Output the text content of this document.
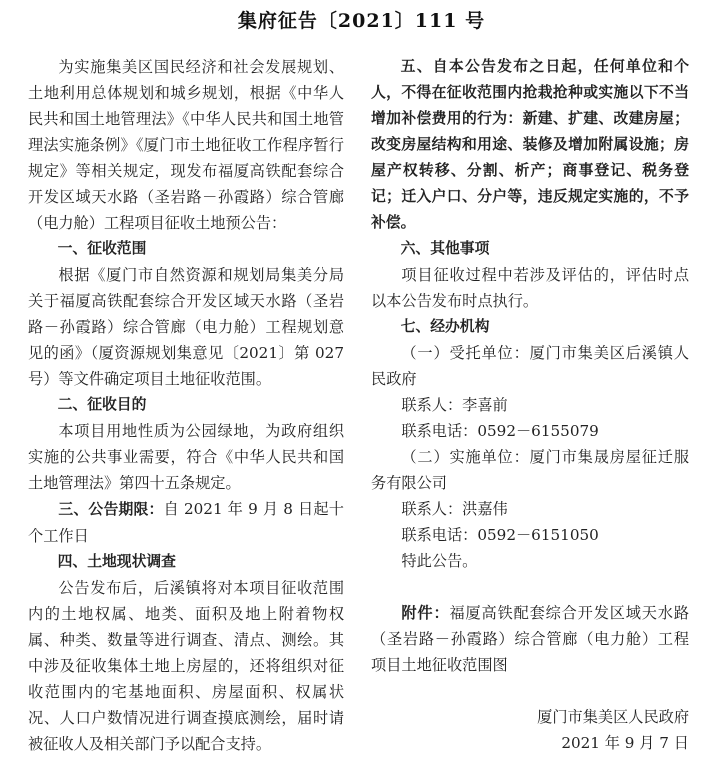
集府征告〔2021〕111 号

为实施集美区国民经济和社会发展规划、土地利用总体规划和城乡规划，根据《中华人民共和国土地管理法》《中华人民共和国土地管理法实施条例》《厦门市土地征收工作程序暂行规定》等相关规定，现发布福厦高铁配套综合开发区域天水路（圣岩路－孙霞路）综合管廊（电力舱）工程项目征收土地预公告：

一、征收范围

根据《厦门市自然资源和规划局集美分局关于福厦高铁配套综合开发区域天水路（圣岩路－孙霞路）综合管廊（电力舱）工程规划意见的函》（厦资源规划集意见〔2021〕第 027 号）等文件确定项目土地征收范围。

二、征收目的

本项目用地性质为公园绿地，为政府组织实施的公共事业需要，符合《中华人民共和国土地管理法》第四十五条规定。

三、公告期限：自 2021 年 9 月 8 日起十个工作日

四、土地现状调查

公告发布后，后溪镇将对本项目征收范围内的土地权属、地类、面积及地上附着物权属、种类、数量等进行调查、清点、测绘。其中涉及征收集体土地上房屋的，还将组织对征收范围内的宅基地面积、房屋面积、权属状况、人口户数情况进行调查摸底测绘，届时请被征收人及相关部门予以配合支持。

五、自本公告发布之日起，任何单位和个人，不得在征收范围内抢栽抢种或实施以下不当增加补偿费用的行为：新建、扩建、改建房屋；改变房屋结构和用途、装修及增加附属设施；房屋产权转移、分割、析产；商事登记、税务登记；迁入户口、分户等，违反规定实施的，不予补偿。

六、其他事项

项目征收过程中若涉及评估的，评估时点以本公告发布时点执行。

七、经办机构

（一）受托单位：厦门市集美区后溪镇人民政府

联系人：李喜前

联系电话：0592－6155079

（二）实施单位：厦门市集晟房屋征迁服务有限公司

联系人：洪嘉伟

联系电话：0592－6151050

特此公告。

附件：福厦高铁配套综合开发区域天水路（圣岩路－孙霞路）综合管廊（电力舱）工程项目土地征收范围图

厦门市集美区人民政府

2021 年 9 月 7 日
